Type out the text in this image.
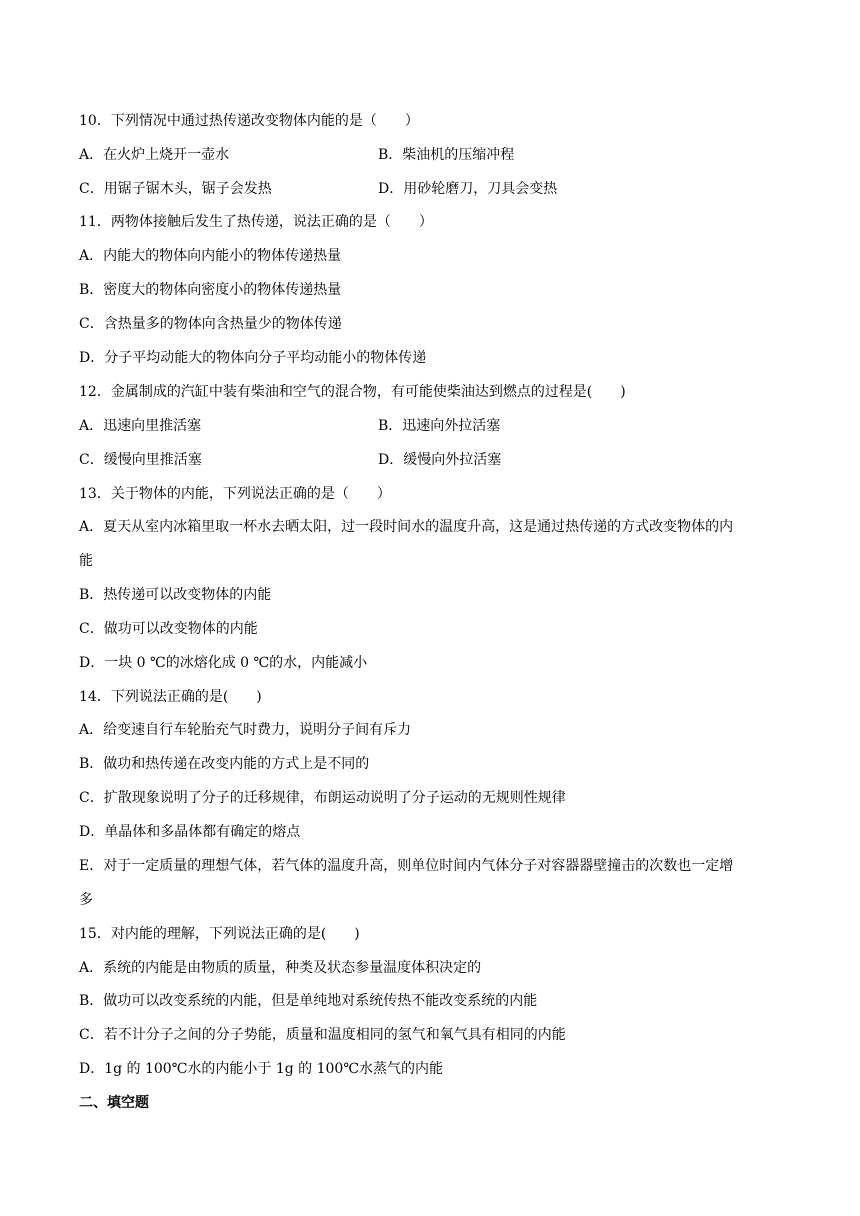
10．下列情况中通过热传递改变物体内能的是（　　）
A．在火炉上烧开一壶水	B．柴油机的压缩冲程
C．用锯子锯木头，锯子会发热	D．用砂轮磨刀，刀具会变热
11．两物体接触后发生了热传递，说法正确的是（　　）
A．内能大的物体向内能小的物体传递热量
B．密度大的物体向密度小的物体传递热量
C．含热量多的物体向含热量少的物体传递
D．分子平均动能大的物体向分子平均动能小的物体传递
12．金属制成的汽缸中装有柴油和空气的混合物，有可能使柴油达到燃点的过程是(　　)
A．迅速向里推活塞	B．迅速向外拉活塞
C．缓慢向里推活塞	D．缓慢向外拉活塞
13．关于物体的内能，下列说法正确的是（　　）
A．夏天从室内冰箱里取一杯水去晒太阳，过一段时间水的温度升高，这是通过热传递的方式改变物体的内
能
B．热传递可以改变物体的内能
C．做功可以改变物体的内能
D．一块 0 ℃的冰熔化成 0 ℃的水，内能减小
14．下列说法正确的是(　　)
A．给变速自行车轮胎充气时费力，说明分子间有斥力
B．做功和热传递在改变内能的方式上是不同的
C．扩散现象说明了分子的迁移规律，布朗运动说明了分子运动的无规则性规律
D．单晶体和多晶体都有确定的熔点
E．对于一定质量的理想气体，若气体的温度升高，则单位时间内气体分子对容器器壁撞击的次数也一定增
多
15．对内能的理解，下列说法正确的是(　　)
A．系统的内能是由物质的质量，种类及状态参量温度体积决定的
B．做功可以改变系统的内能，但是单纯地对系统传热不能改变系统的内能
C．若不计分子之间的分子势能，质量和温度相同的氢气和氧气具有相同的内能
D．1g 的 100℃水的内能小于 1g 的 100℃水蒸气的内能
二、填空题
